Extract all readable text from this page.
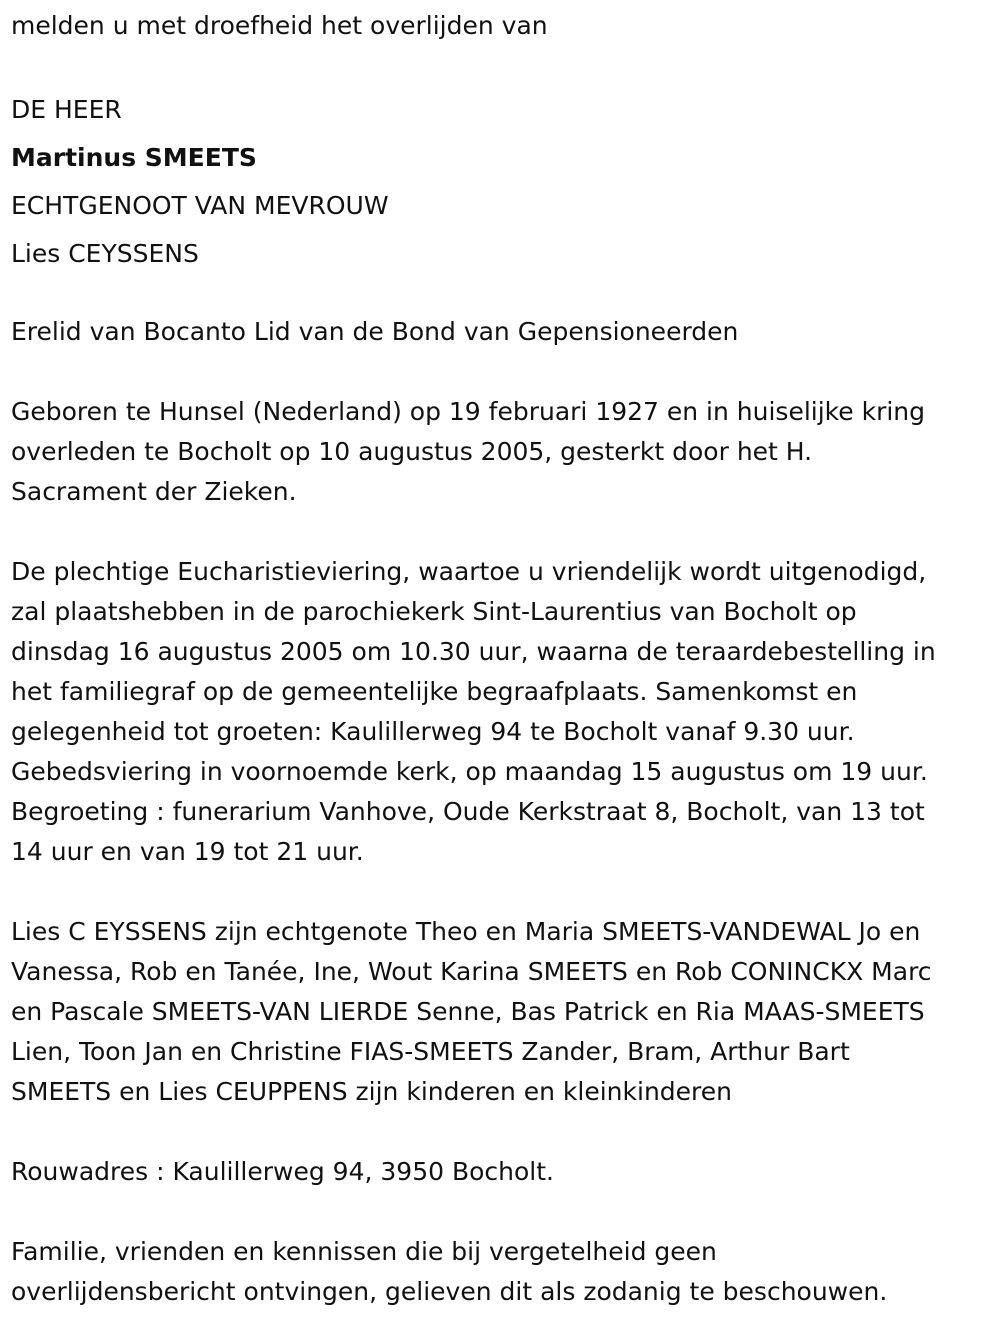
melden u met droefheid het overlijden van
DE HEER
Martinus SMEETS
ECHTGENOOT VAN MEVROUW
Lies CEYSSENS
Erelid van Bocanto Lid van de Bond van Gepensioneerden
Geboren te Hunsel (Nederland) op 19 februari 1927 en in huiselijke kring
overleden te Bocholt op 10 augustus 2005, gesterkt door het H.
Sacrament der Zieken.
De plechtige Eucharistieviering, waartoe u vriendelijk wordt uitgenodigd,
zal plaatshebben in de parochiekerk Sint-Laurentius van Bocholt op
dinsdag 16 augustus 2005 om 10.30 uur, waarna de teraardebestelling in
het familiegraf op de gemeentelijke begraafplaats. Samenkomst en
gelegenheid tot groeten: Kaulillerweg 94 te Bocholt vanaf 9.30 uur.
Gebedsviering in voornoemde kerk, op maandag 15 augustus om 19 uur.
Begroeting : funerarium Vanhove, Oude Kerkstraat 8, Bocholt, van 13 tot
14 uur en van 19 tot 21 uur.
Lies C EYSSENS zijn echtgenote Theo en Maria SMEETS-VANDEWAL Jo en
Vanessa, Rob en Tanée, Ine, Wout Karina SMEETS en Rob CONINCKX Marc
en Pascale SMEETS-VAN LIERDE Senne, Bas Patrick en Ria MAAS-SMEETS
Lien, Toon Jan en Christine FIAS-SMEETS Zander, Bram, Arthur Bart
SMEETS en Lies CEUPPENS zijn kinderen en kleinkinderen
Rouwadres : Kaulillerweg 94, 3950 Bocholt.
Familie, vrienden en kennissen die bij vergetelheid geen
overlijdensbericht ontvingen, gelieven dit als zodanig te beschouwen.
